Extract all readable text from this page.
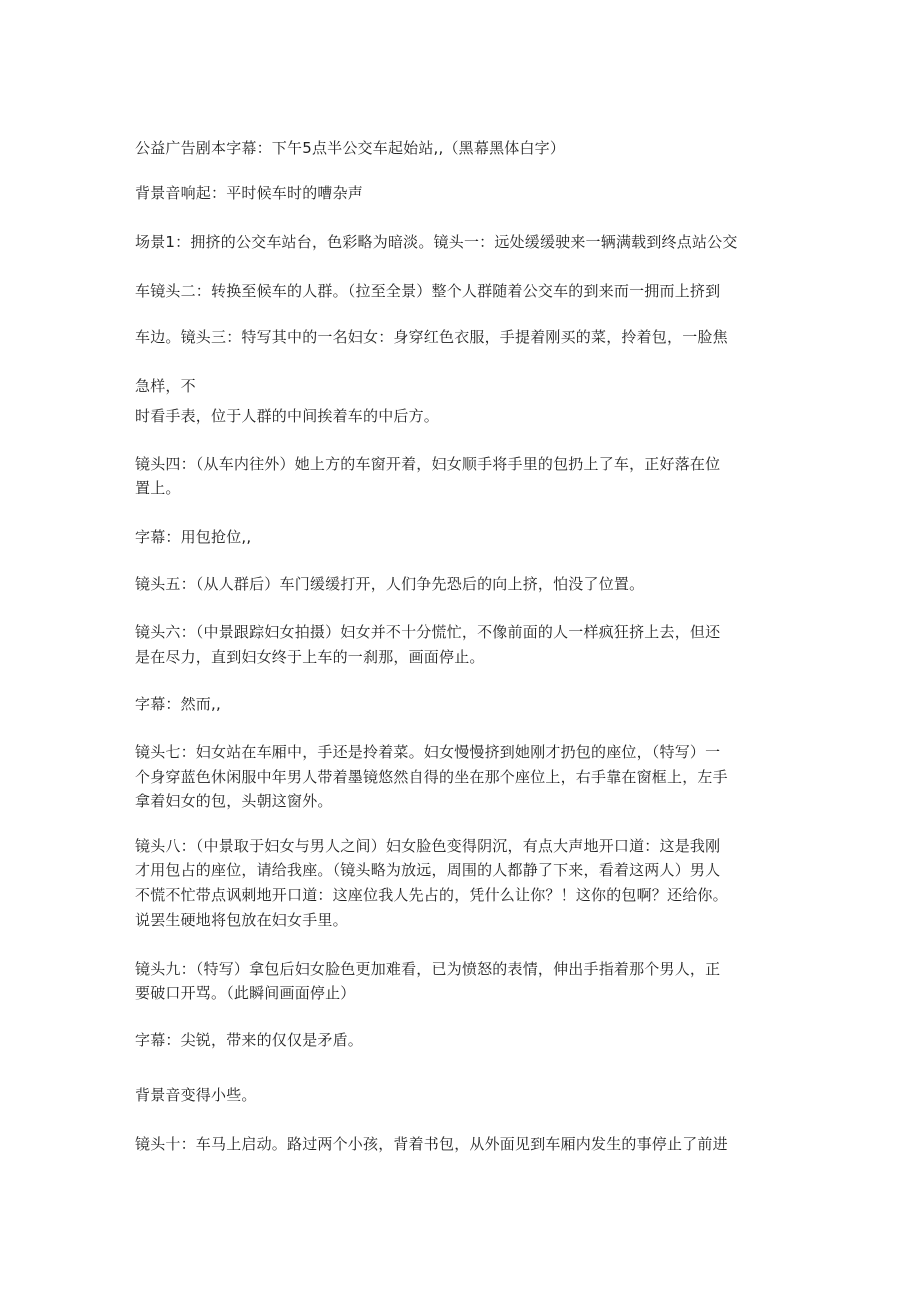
公益广告剧本字幕：下午5点半公交车起始站,,（黑幕黑体白字）

背景音响起：平时候车时的嘈杂声

场景1：拥挤的公交车站台，色彩略为暗淡。镜头一：远处缓缓驶来一辆满载到终点站公交

车镜头二：转换至候车的人群。（拉至全景）整个人群随着公交车的到来而一拥而上挤到

车边。镜头三：特写其中的一名妇女：身穿红色衣服，手提着刚买的菜，拎着包，一脸焦

急样，不

时看手表，位于人群的中间挨着车的中后方。

镜头四：（从车内往外）她上方的车窗开着，妇女顺手将手里的包扔上了车，正好落在位

置上。

字幕：用包抢位,,

镜头五：（从人群后）车门缓缓打开，人们争先恐后的向上挤，怕没了位置。

镜头六：（中景跟踪妇女拍摄）妇女并不十分慌忙，不像前面的人一样疯狂挤上去，但还

是在尽力，直到妇女终于上车的一刹那，画面停止。

字幕：然而,,

镜头七：妇女站在车厢中，手还是拎着菜。妇女慢慢挤到她刚才扔包的座位，（特写）一

个身穿蓝色休闲服中年男人带着墨镜悠然自得的坐在那个座位上，右手靠在窗框上，左手

拿着妇女的包，头朝这窗外。

镜头八：（中景取于妇女与男人之间）妇女脸色变得阴沉，有点大声地开口道：这是我刚

才用包占的座位，请给我座。（镜头略为放远，周围的人都静了下来，看着这两人）男人

不慌不忙带点讽刺地开口道：这座位我人先占的，凭什么让你？！这你的包啊？还给你。

说罢生硬地将包放在妇女手里。

镜头九：（特写）拿包后妇女脸色更加难看，已为愤怒的表情，伸出手指着那个男人，正

要破口开骂。（此瞬间画面停止）

字幕：尖锐，带来的仅仅是矛盾。

背景音变得小些。

镜头十：车马上启动。路过两个小孩，背着书包，从外面见到车厢内发生的事停止了前进
